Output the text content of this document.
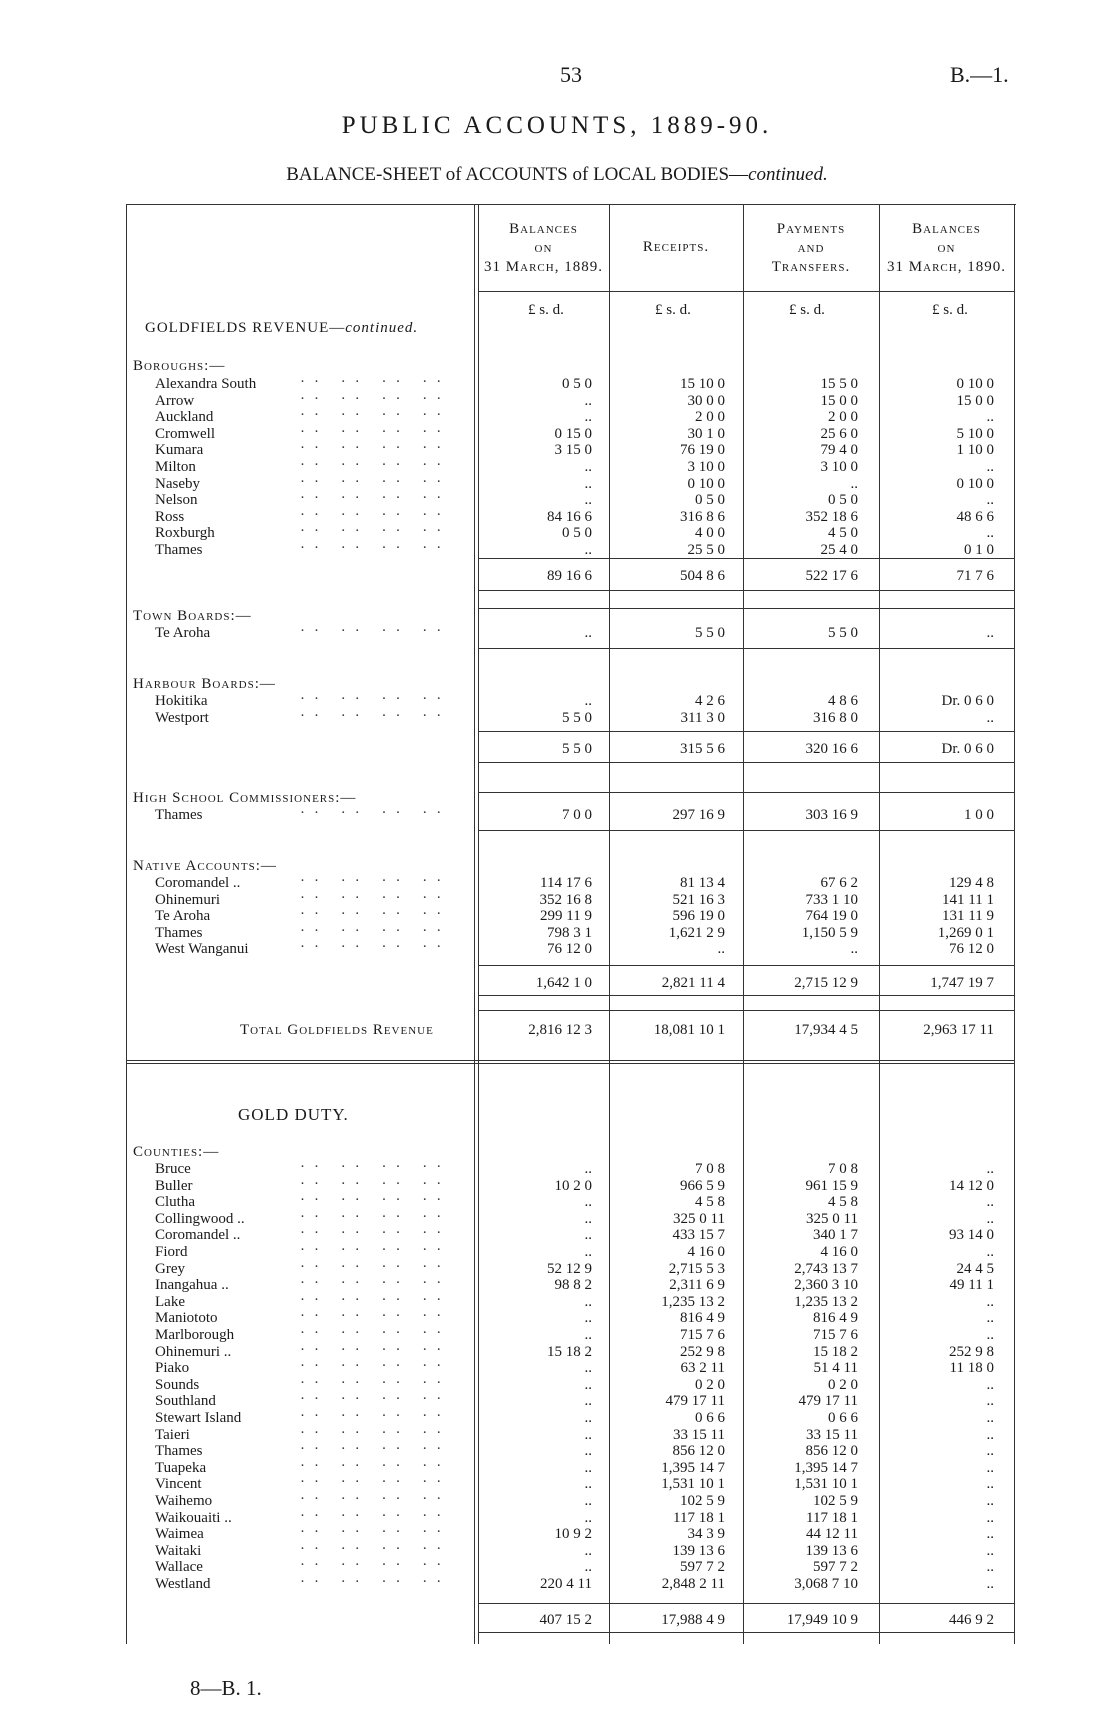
53	B.—1.
PUBLIC ACCOUNTS, 1889-90.
BALANCE-SHEET of ACCOUNTS of LOCAL BODIES—continued.
Balances
on
31 March, 1889.
Receipts.
Payments
and
Transfers.
Balances
on
31 March, 1890.
£ s. d.	£ s. d.	£ s. d.	£ s. d.
GOLDFIELDS REVENUE—continued.
Boroughs:—
Alexandra South	·· ·· ·· ··	0 5 0	15 10 0	15 5 0	0 10 0
Arrow	·· ·· ·· ··	..	30 0 0	15 0 0	15 0 0
Auckland	·· ·· ·· ··	..	2 0 0	2 0 0	..
Cromwell	·· ·· ·· ··	0 15 0	30 1 0	25 6 0	5 10 0
Kumara	·· ·· ·· ··	3 15 0	76 19 0	79 4 0	1 10 0
Milton	·· ·· ·· ··	..	3 10 0	3 10 0	..
Naseby	·· ·· ·· ··	..	0 10 0	..	0 10 0
Nelson	·· ·· ·· ··	..	0 5 0	0 5 0	..
Ross	·· ·· ·· ··	84 16 6	316 8 6	352 18 6	48 6 6
Roxburgh	·· ·· ·· ··	0 5 0	4 0 0	4 5 0	..
Thames	·· ·· ·· ··	..	25 5 0	25 4 0	0 1 0
89 16 6	504 8 6	522 17 6	71 7 6
Town Boards:—
Te Aroha	·· ·· ·· ··	..	5 5 0	5 5 0	..
Harbour Boards:—
Hokitika	·· ·· ·· ··	..	4 2 6	4 8 6	Dr. 0 6 0
Westport	·· ·· ·· ··	5 5 0	311 3 0	316 8 0	..
5 5 0	315 5 6	320 16 6	Dr. 0 6 0
High School Commissioners:—
Thames	·· ·· ·· ··	7 0 0	297 16 9	303 16 9	1 0 0
Native Accounts:—
Coromandel ..	·· ·· ·· ··	114 17 6	81 13 4	67 6 2	129 4 8
Ohinemuri	·· ·· ·· ··	352 16 8	521 16 3	733 1 10	141 11 1
Te Aroha	·· ·· ·· ··	299 11 9	596 19 0	764 19 0	131 11 9
Thames	·· ·· ·· ··	798 3 1	1,621 2 9	1,150 5 9	1,269 0 1
West Wanganui	·· ·· ·· ··	76 12 0	..	..	76 12 0
1,642 1 0	2,821 11 4	2,715 12 9	1,747 19 7
Counties:—
Bruce	·· ·· ·· ··	..	7 0 8	7 0 8	..
Buller	·· ·· ·· ··	10 2 0	966 5 9	961 15 9	14 12 0
Clutha	·· ·· ·· ··	..	4 5 8	4 5 8	..
Collingwood ..	·· ·· ·· ··	..	325 0 11	325 0 11	..
Coromandel ..	·· ·· ·· ··	..	433 15 7	340 1 7	93 14 0
Fiord	·· ·· ·· ··	..	4 16 0	4 16 0	..
Grey	·· ·· ·· ··	52 12 9	2,715 5 3	2,743 13 7	24 4 5
Inangahua ..	·· ·· ·· ··	98 8 2	2,311 6 9	2,360 3 10	49 11 1
Lake	·· ·· ·· ··	..	1,235 13 2	1,235 13 2	..
Maniototo	·· ·· ·· ··	..	816 4 9	816 4 9	..
Marlborough	·· ·· ·· ··	..	715 7 6	715 7 6	..
Ohinemuri ..	·· ·· ·· ··	15 18 2	252 9 8	15 18 2	252 9 8
Piako	·· ·· ·· ··	..	63 2 11	51 4 11	11 18 0
Sounds	·· ·· ·· ··	..	0 2 0	0 2 0	..
Southland	·· ·· ·· ··	..	479 17 11	479 17 11	..
Stewart Island	·· ·· ·· ··	..	0 6 6	0 6 6	..
Taieri	·· ·· ·· ··	..	33 15 11	33 15 11	..
Thames	·· ·· ·· ··	..	856 12 0	856 12 0	..
Tuapeka	·· ·· ·· ··	..	1,395 14 7	1,395 14 7	..
Vincent	·· ·· ·· ··	..	1,531 10 1	1,531 10 1	..
Waihemo	·· ·· ·· ··	..	102 5 9	102 5 9	..
Waikouaiti ..	·· ·· ·· ··	..	117 18 1	117 18 1	..
Waimea	·· ·· ·· ··	10 9 2	34 3 9	44 12 11	..
Waitaki	·· ·· ·· ··	..	139 13 6	139 13 6	..
Wallace	·· ·· ·· ··	..	597 7 2	597 7 2	..
Westland	·· ·· ·· ··	220 4 11	2,848 2 11	3,068 7 10	..
407 15 2	17,988 4 9	17,949 10 9	446 9 2
Total Goldfields Revenue	2,816 12 3	18,081 10 1	17,934 4 5	2,963 17 11
GOLD DUTY.
8—B. 1.
